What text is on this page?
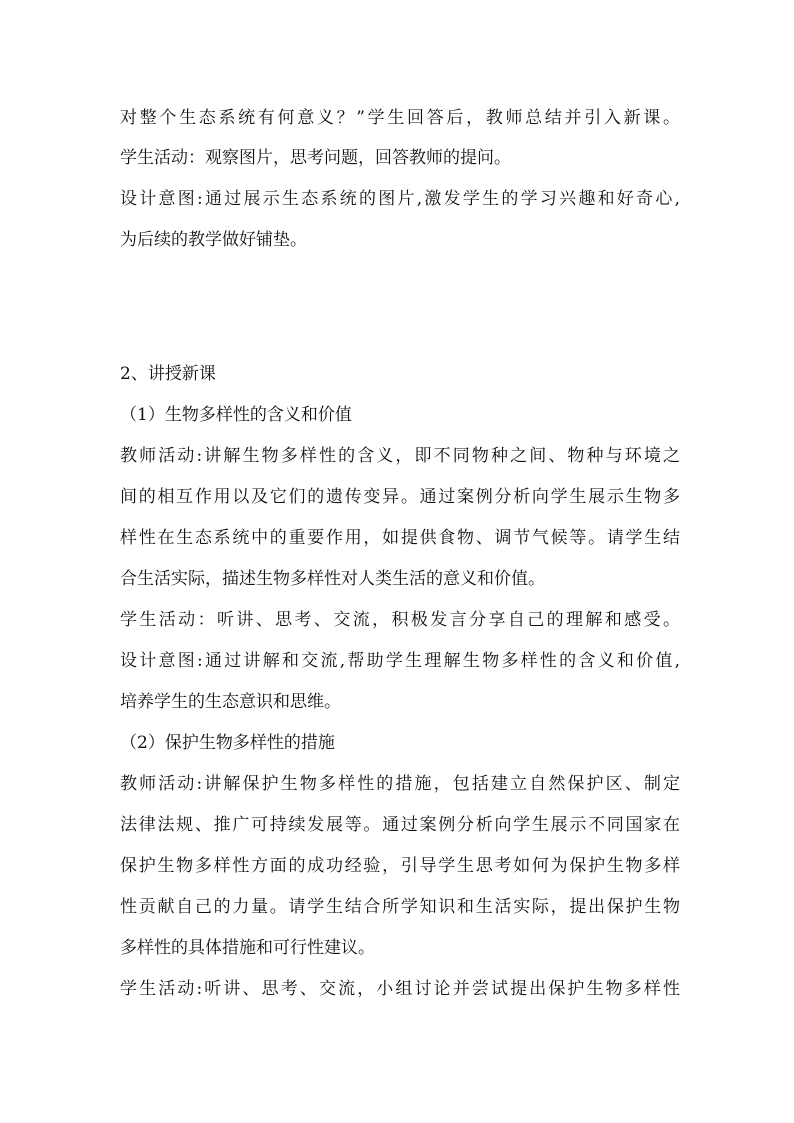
对整个生态系统有何意义？”学生回答后，教师总结并引入新课。
学生活动：观察图片，思考问题，回答教师的提问。
设计意图:通过展示生态系统的图片,激发学生的学习兴趣和好奇心,
为后续的教学做好铺垫。
2、讲授新课
（1）生物多样性的含义和价值
教师活动:讲解生物多样性的含义，即不同物种之间、物种与环境之
间的相互作用以及它们的遗传变异。通过案例分析向学生展示生物多
样性在生态系统中的重要作用，如提供食物、调节气候等。请学生结
合生活实际，描述生物多样性对人类生活的意义和价值。
学生活动：听讲、思考、交流，积极发言分享自己的理解和感受。
设计意图:通过讲解和交流,帮助学生理解生物多样性的含义和价值,
培养学生的生态意识和思维。
（2）保护生物多样性的措施
教师活动:讲解保护生物多样性的措施，包括建立自然保护区、制定
法律法规、推广可持续发展等。通过案例分析向学生展示不同国家在
保护生物多样性方面的成功经验，引导学生思考如何为保护生物多样
性贡献自己的力量。请学生结合所学知识和生活实际，提出保护生物
多样性的具体措施和可行性建议。
学生活动:听讲、思考、交流，小组讨论并尝试提出保护生物多样性
